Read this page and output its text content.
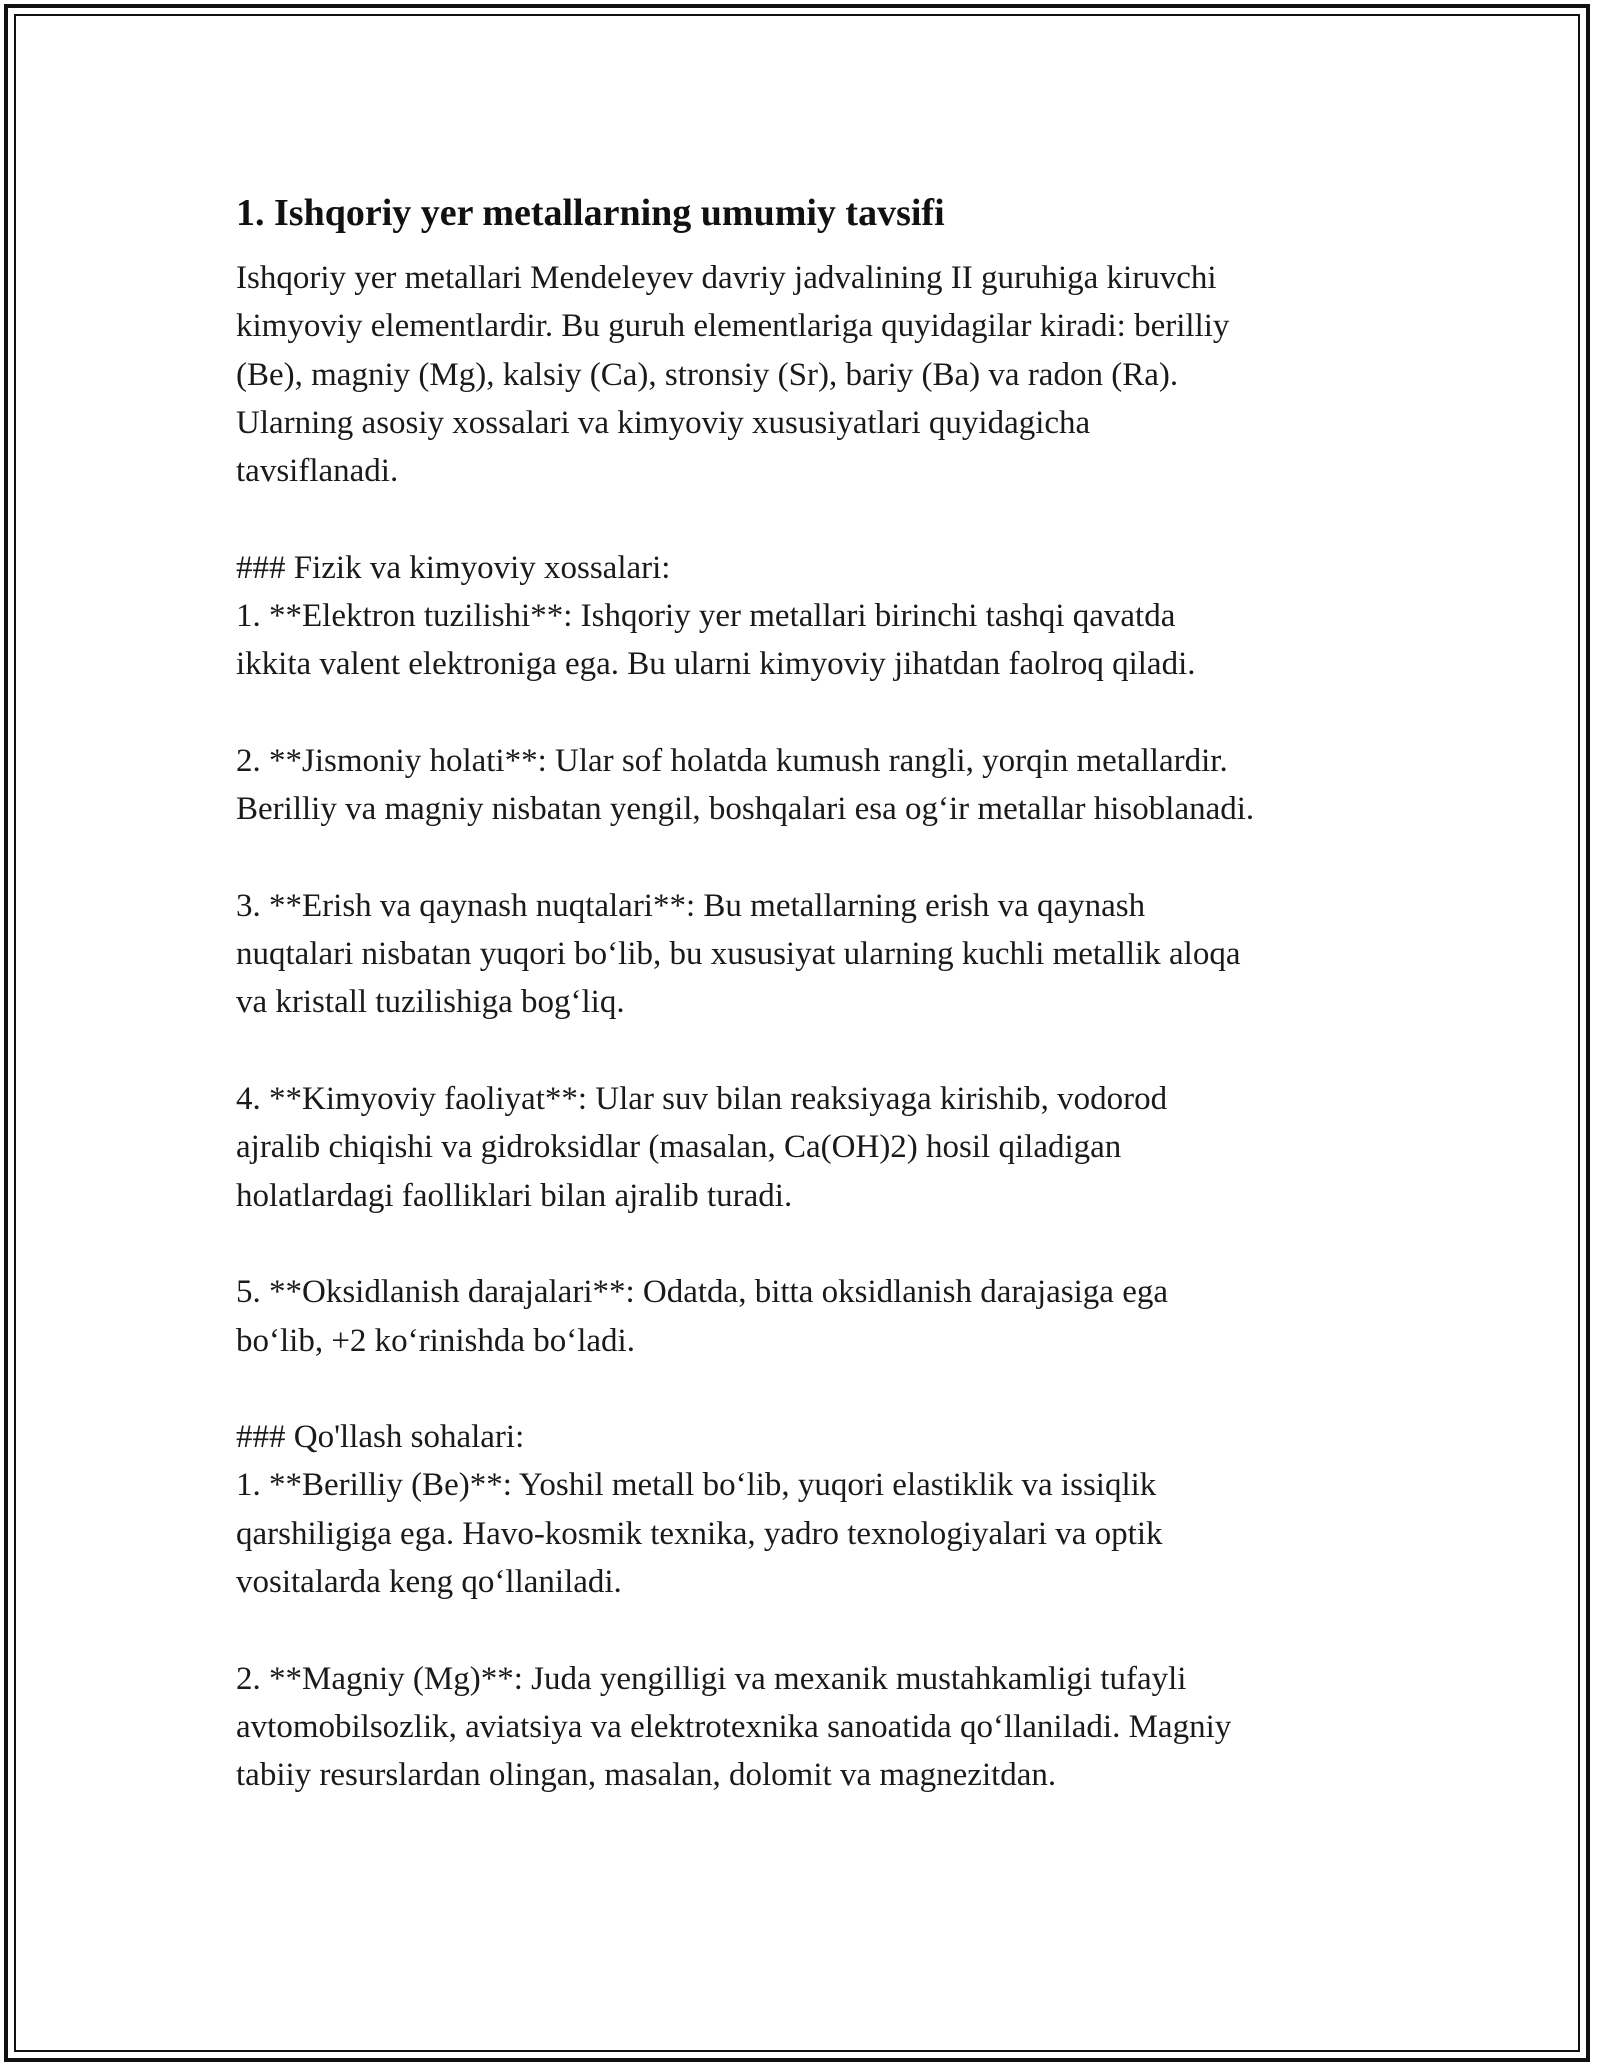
1. Ishqoriy yer metallarning umumiy tavsifi

Ishqoriy yer metallari Mendeleyev davriy jadvalining II guruhiga kiruvchi
kimyoviy elementlardir. Bu guruh elementlariga quyidagilar kiradi: berilliy
(Be), magniy (Mg), kalsiy (Ca), stronsiy (Sr), bariy (Ba) va radon (Ra).
Ularning asosiy xossalari va kimyoviy xususiyatlari quyidagicha
tavsiflanadi.

### Fizik va kimyoviy xossalari:
1. **Elektron tuzilishi**: Ishqoriy yer metallari birinchi tashqi qavatda
ikkita valent elektroniga ega. Bu ularni kimyoviy jihatdan faolroq qiladi.

2. **Jismoniy holati**: Ular sof holatda kumush rangli, yorqin metallardir.
Berilliy va magniy nisbatan yengil, boshqalari esa og‘ir metallar hisoblanadi.

3. **Erish va qaynash nuqtalari**: Bu metallarning erish va qaynash
nuqtalari nisbatan yuqori bo‘lib, bu xususiyat ularning kuchli metallik aloqa
va kristall tuzilishiga bog‘liq.

4. **Kimyoviy faoliyat**: Ular suv bilan reaksiyaga kirishib, vodorod
ajralib chiqishi va gidroksidlar (masalan, Ca(OH)2) hosil qiladigan
holatlardagi faolliklari bilan ajralib turadi.

5. **Oksidlanish darajalari**: Odatda, bitta oksidlanish darajasiga ega
bo‘lib, +2 ko‘rinishda bo‘ladi.

### Qo'llash sohalari:
1. **Berilliy (Be)**: Yoshil metall bo‘lib, yuqori elastiklik va issiqlik
qarshiligiga ega. Havo-kosmik texnika, yadro texnologiyalari va optik
vositalarda keng qo‘llaniladi.

2. **Magniy (Mg)**: Juda yengilligi va mexanik mustahkamligi tufayli
avtomobilsozlik, aviatsiya va elektrotexnika sanoatida qo‘llaniladi. Magniy
tabiiy resurslardan olingan, masalan, dolomit va magnezitdan.
